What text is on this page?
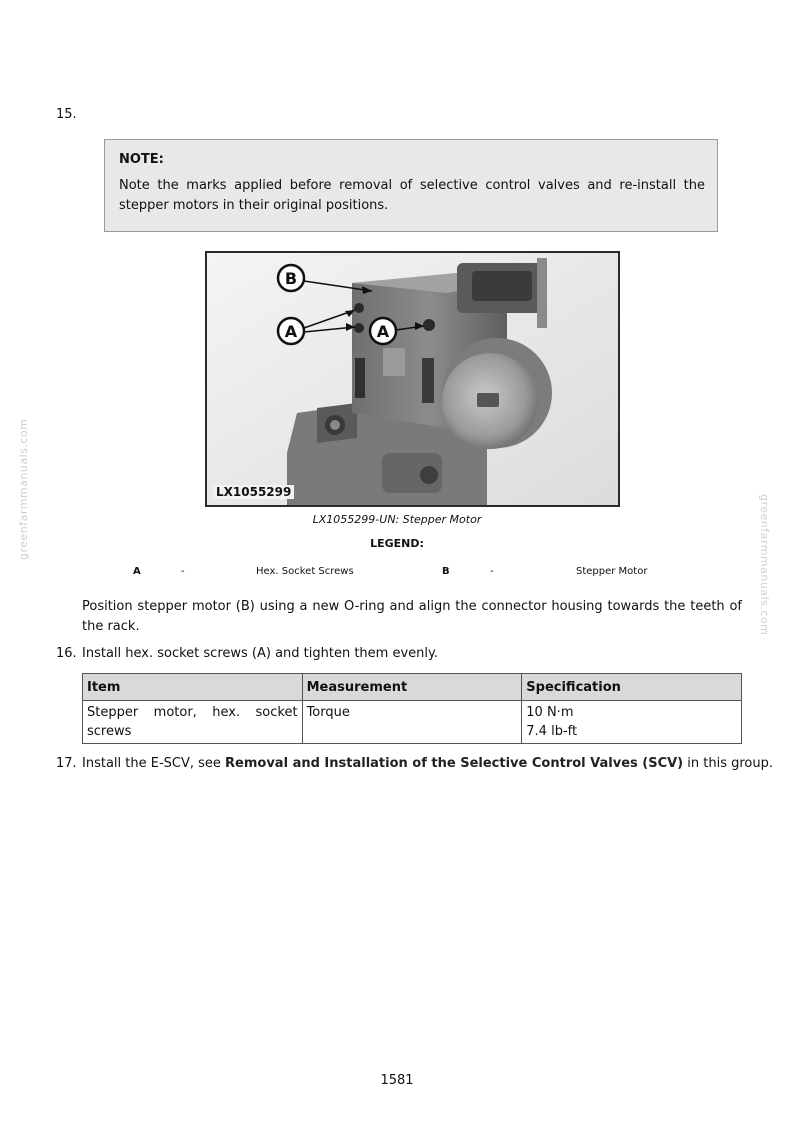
greenfarmmanuals.com
greenfarmmanuals.com
15.
NOTE:
Note the marks applied before removal of selective control valves and re-install the stepper motors in their original positions.
B
A	A
LX1055299
LX1055299-UN: Stepper Motor
LEGEND:
A	-	Hex. Socket Screws	B	-	Stepper Motor
Position stepper motor (B) using a new O-ring and align the connector housing towards the teeth of the rack.
16. Install hex. socket screws (A) and tighten them evenly.
Item	Measurement	Specification

Stepper motor, hex. socket screws	Torque	10 N·m
7.4 lb-ft
17. Install the E-SCV, see Removal and Installation of the Selective Control Valves (SCV) in this group.
1581
